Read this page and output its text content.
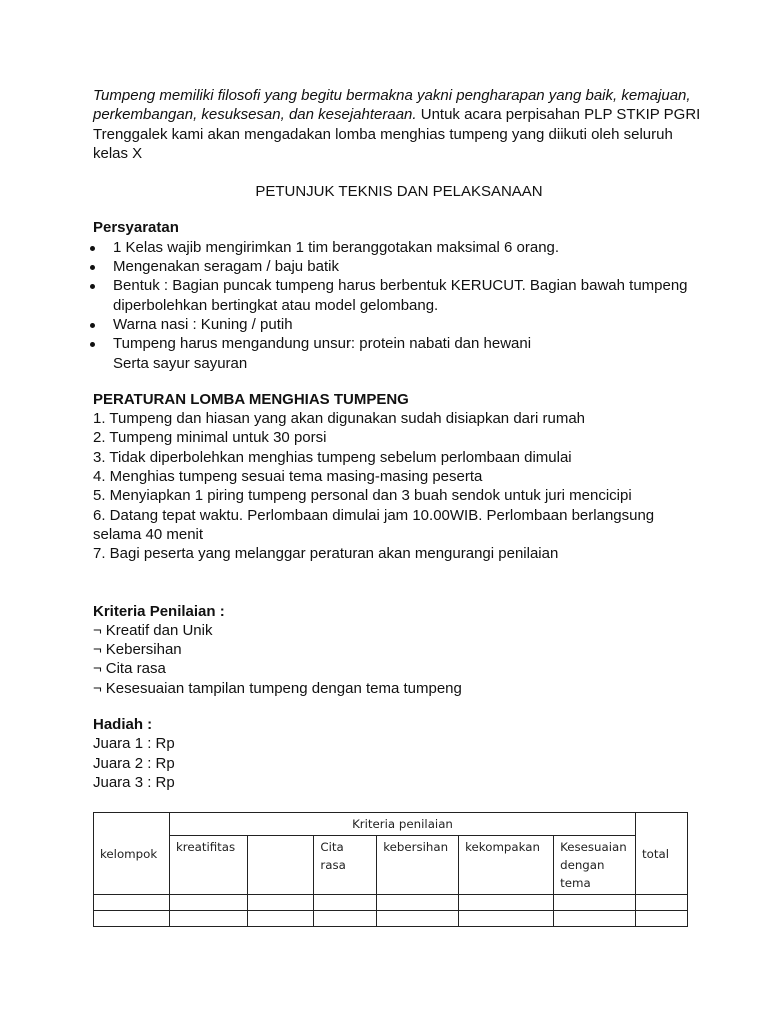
Tumpeng memiliki filosofi yang begitu bermakna yakni pengharapan yang baik, kemajuan, perkembangan, kesuksesan, dan kesejahteraan. Untuk acara perpisahan PLP STKIP PGRI Trenggalek kami akan mengadakan lomba menghias tumpeng yang diikuti oleh seluruh kelas X

PETUNJUK TEKNIS DAN PELAKSANAAN
Persyaratan
1 Kelas wajib mengirimkan 1 tim beranggotakan maksimal 6 orang.
Mengenakan seragam / baju batik
Bentuk : Bagian puncak tumpeng harus berbentuk KERUCUT. Bagian bawah tumpeng diperbolehkan bertingkat atau model gelombang.
Warna nasi : Kuning / putih
Tumpeng harus mengandung unsur: protein nabati dan hewani
Serta sayur sayuran
PERATURAN LOMBA MENGHIAS TUMPENG
1. Tumpeng dan hiasan yang akan digunakan sudah disiapkan dari rumah
2. Tumpeng minimal untuk 30 porsi
3. Tidak diperbolehkan menghias tumpeng sebelum perlombaan dimulai
4. Menghias tumpeng sesuai tema masing-masing peserta
5. Menyiapkan 1 piring tumpeng personal dan 3 buah sendok untuk juri mencicipi
6. Datang tepat waktu. Perlombaan dimulai jam 10.00WIB. Perlombaan berlangsung selama 40 menit
7. Bagi peserta yang melanggar peraturan akan mengurangi penilaian
Kriteria Penilaian :
¬ Kreatif dan Unik
¬ Kebersihan
¬ Cita rasa
¬ Kesesuaian tampilan tumpeng dengan tema tumpeng
Hadiah :
Juara 1 : Rp
Juara 2 : Rp
Juara 3 : Rp
kelompok	Kriteria penilaian						total
	kreatifitas		Cita rasa	kebersihan	kekompakan	Kesesuaian dengan tema	
